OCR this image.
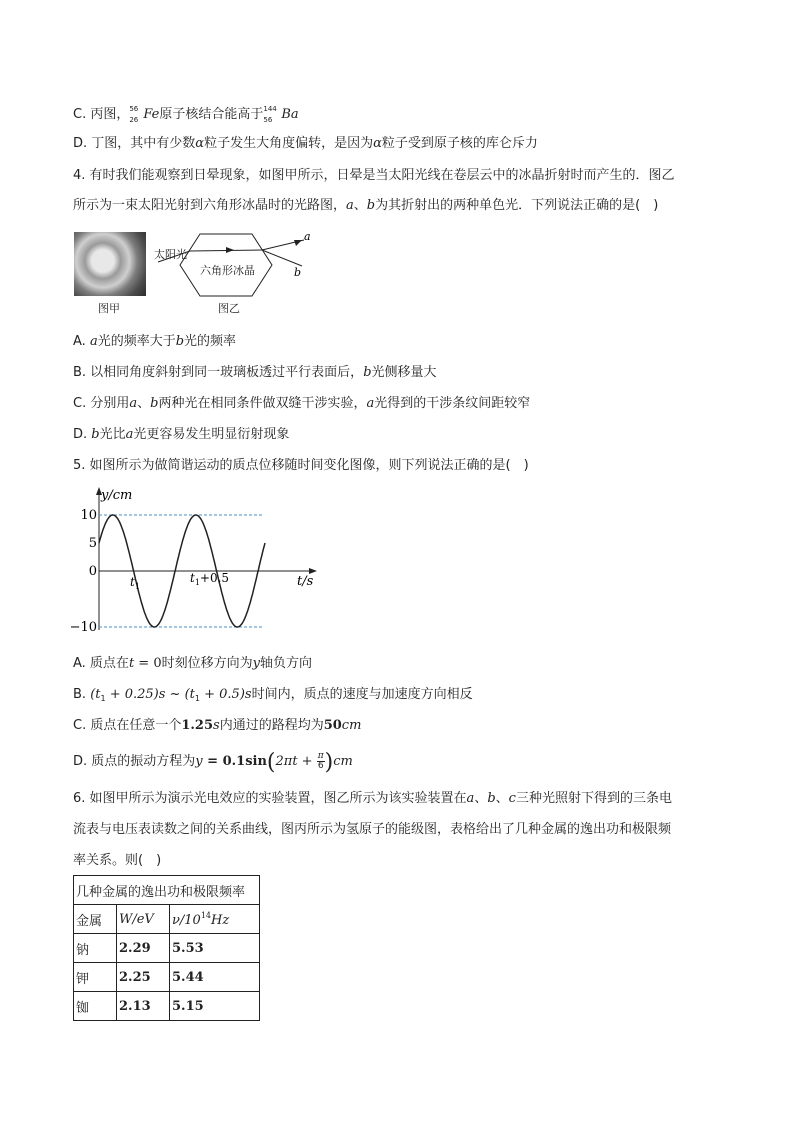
C. 丙图， 56
26 Fe原子核结合能高于 144
56 Ba
D. 丁图，其中有少数α粒子发生大角度偏转，是因为α粒子受到原子核的库仑斥力
4. 有时我们能观察到日晕现象，如图甲所示，日晕是当太阳光线在卷层云中的冰晶折射时而产生的．图乙
所示为一束太阳光射到六角形冰晶时的光路图，a、b为其折射出的两种单色光．下列说法正确的是(　)
图甲
a
b
太阳光
六角形冰晶
图乙
A. a光的频率大于b光的频率
B. 以相同角度斜射到同一玻璃板透过平行表面后，b光侧移量大
C. 分别用a、b两种光在相同条件做双缝干涉实验，a光得到的干涉条纹间距较窄
D. b光比a光更容易发生明显衍射现象
5. 如图所示为做简谐运动的质点位移随时间变化图像，则下列说法正确的是(　)
y/cm
t/s
10
5
0
−10
$t_1$
$t_1+0.5$
A. 质点在t = 0时刻位移方向为y轴负方向
B. $(t_1 + 0.25)s$ ~ $(t_1 + 0.5)s$时间内，质点的速度与加速度方向相反
C. 质点在任意一个1.25s内通过的路程均为50cm
D. 质点的振动方程为$y = 0.1\sin(2\pi t + \frac{\pi}{6} )cm$
6. 如图甲所示为演示光电效应的实验装置，图乙所示为该实验装置在a、b、c三种光照射下得到的三条电
流表与电压表读数之间的关系曲线，图丙所示为氢原子的能级图，表格给出了几种金属的逸出功和极限频
率关系。则(　)
几种金属的逸出功和极限频率		
金属	W/eV	$\nu/10^{14}Hz$
钠	2.29	5.53
钾	2.25	5.44
铷	2.13	5.15
